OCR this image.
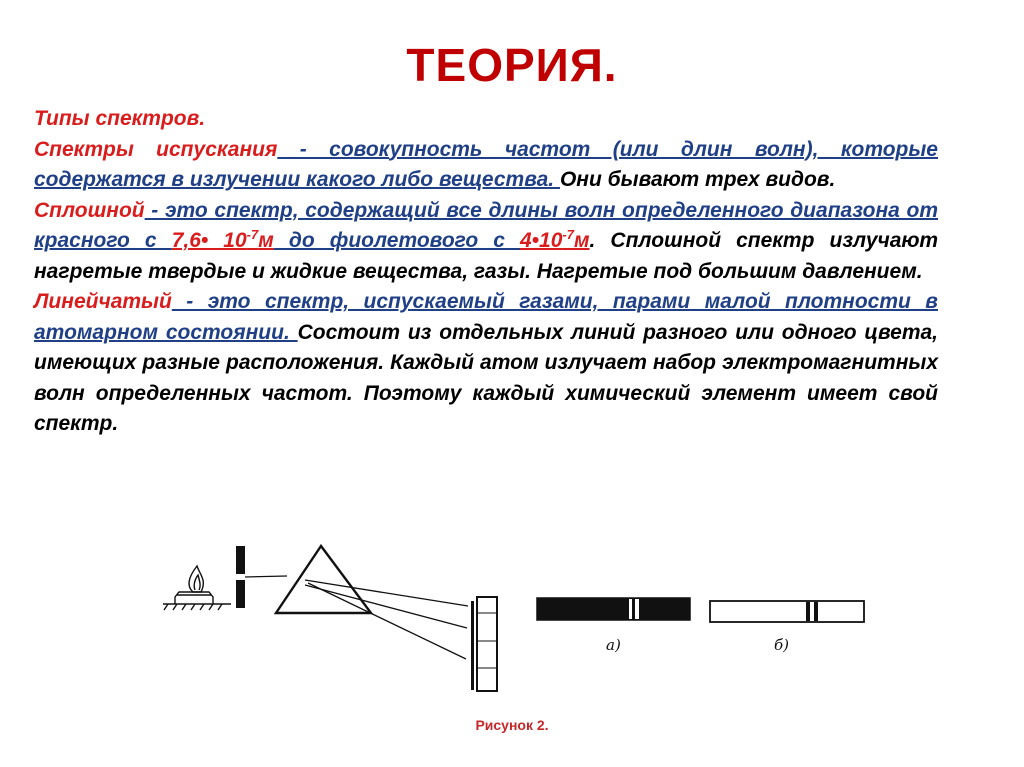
ТЕОРИЯ.

Типы спектров.

Спектры испускания - совокупность частот (или длин волн), которые содержатся в излучении какого либо вещества. Они бывают трех видов.

Сплошной - это спектр, содержащий все длины волн определенного диапазона от красного с 7,6• $10^{-7}м$ до фиолетового с $4•10^{-7}м$. Сплошной спектр излучают нагретые твердые и жидкие вещества, газы. Нагретые под большим давлением.

Линейчатый - это спектр, испускаемый газами, парами малой плотности в атомарном состоянии. Состоит из отдельных линий разного или одного цвета, имеющих разные расположения. Каждый атом излучает набор электромагнитных волн определенных частот. Поэтому каждый химический элемент имеет свой спектр.

а)	б)
Рисунок 2.
